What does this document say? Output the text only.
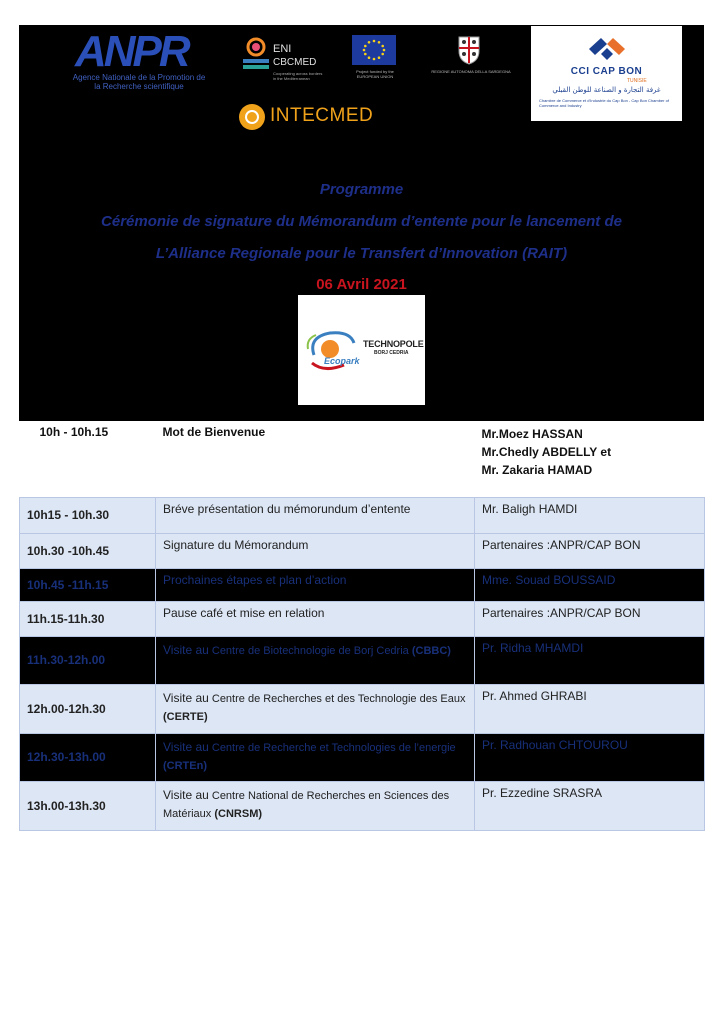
ANPR
Agence Nationale de la Promotion de la Recherche scientifique
ENI
CBCMED
Cooperating across borders in the Mediterranean
Project funded by the EUROPEAN UNION
REGIONE AUTONOMA DELLA SARDEGNA	CCI CAP BON
TUNISIE
غرفة التجارة و الصناعة للوطن القبلي
Chambre de Commerce et d'Industrie du Cap Bon - Cap Bon Chamber of Commerce and Industry
INTECMED
Programme
Cérémonie de signature du Mémorandum d’entente pour le lancement de
L’Alliance Regionale pour le Transfert d’Innovation (RAIT)
06 Avril 2021
TECHNOPOLE
BORJ CEDRIA
Ecopark
10h - 10h.15	Mot de Bienvenue	Mr.Moez HASSAN
Mr.Chedly ABDELLY et
Mr. Zakaria HAMAD

10h15 - 10h.30	Bréve présentation du mémorundum d’entente	Mr. Baligh HAMDI
10h.30 -10h.45	Signature du Mémorandum	Partenaires :ANPR/CAP BON
10h.45 -11h.15	Prochaines étapes et plan d’action	Mme. Souad BOUSSAID
11h.15-11h.30	Pause café et mise en relation	Partenaires :ANPR/CAP BON
11h.30-12h.00	Visite au Centre de Biotechnologie de Borj Cedria (CBBC)	Pr. Ridha MHAMDI
12h.00-12h.30	Visite au Centre de Recherches et des Technologie des Eaux (CERTE)	Pr. Ahmed GHRABI
12h.30-13h.00	Visite au Centre de Recherche et Technologies de l’energie (CRTEn)	Pr. Radhouan CHTOUROU
13h.00-13h.30	Visite au Centre National de Recherches en Sciences des Matériaux (CNRSM)	Pr. Ezzedine SRASRA
